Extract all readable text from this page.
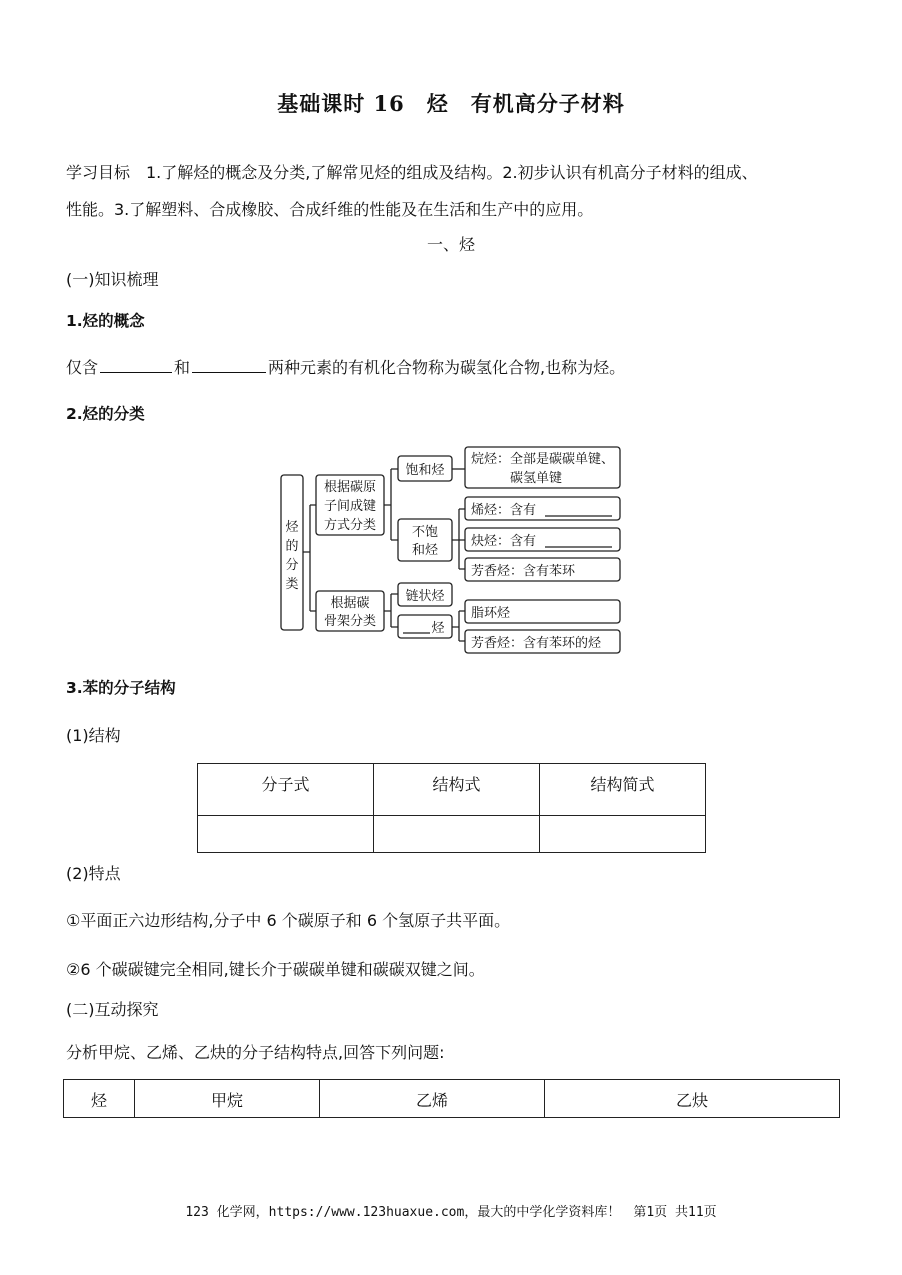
基础课时 16　烃　有机高分子材料
学习目标　1.了解烃的概念及分类,了解常见烃的组成及结构。2.初步认识有机高分子材料的组成、
性能。3.了解塑料、合成橡胶、合成纤维的性能及在生活和生产中的应用。
一、烃
(一)知识梳理
1.烃的概念
仅含	和	两种元素的有机化合物称为碳氢化合物,也称为烃。
2.烃的分类
烃
的
分
类
根据碳原
子间成键
方式分类
根据碳
骨架分类
饱和烃
不饱
和烃
链状烃
烃
烷烃：全部是碳碳单键、
碳氢单键
烯烃：含有
炔烃：含有
芳香烃：含有苯环
脂环烃
芳香烃：含有苯环的烃
3.苯的分子结构
(1)结构
分子式	结构式	结构简式

(2)特点
①平面正六边形结构,分子中 6 个碳原子和 6 个氢原子共平面。
②6 个碳碳键完全相同,键长介于碳碳单键和碳碳双键之间。
(二)互动探究
分析甲烷、乙烯、乙炔的分子结构特点,回答下列问题:
烃	甲烷	乙烯	乙炔
123 化学网，https://www.123huaxue.com，最大的中学化学资料库！　第1页 共11页
